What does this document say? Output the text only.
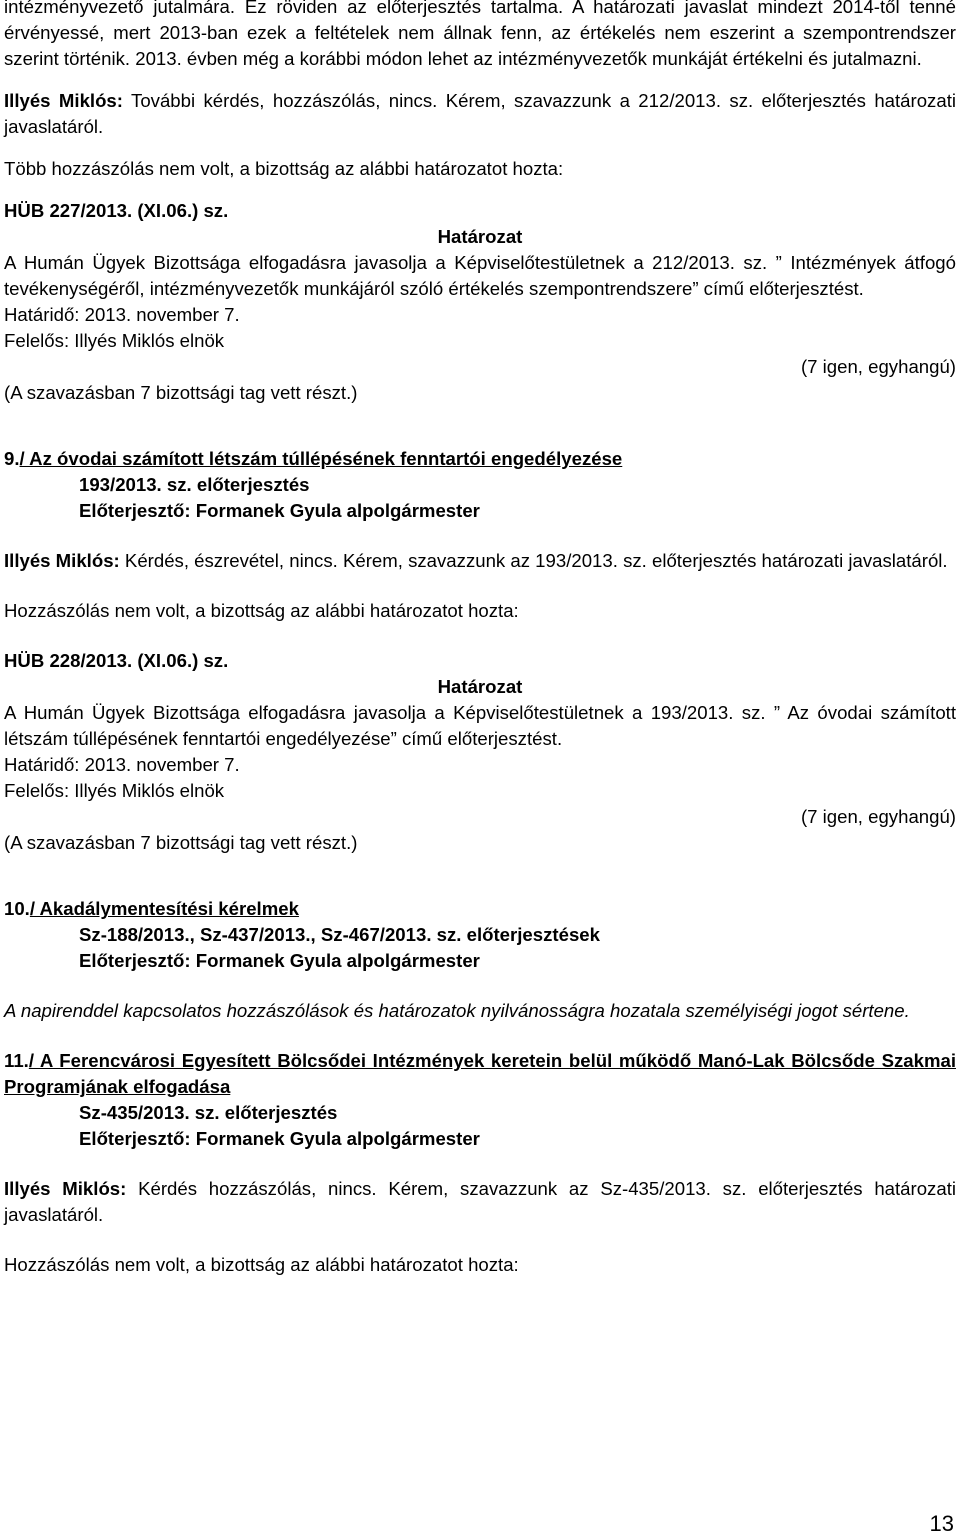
intézményvezető jutalmára. Ez röviden az előterjesztés tartalma. A határozati javaslat mindezt 2014-től tenné érvényessé, mert 2013-ban ezek a feltételek nem állnak fenn, az értékelés nem eszerint a szempontrendszer szerint történik. 2013. évben még a korábbi módon lehet az intézményvezetők munkáját értékelni és jutalmazni.

Illyés Miklós: További kérdés, hozzászólás, nincs. Kérem, szavazzunk a 212/2013. sz. előterjesztés határozati javaslatáról.

Több hozzászólás nem volt, a bizottság az alábbi határozatot hozta:

HÜB 227/2013. (XI.06.) sz.

Határozat

A Humán Ügyek Bizottsága elfogadásra javasolja a Képviselőtestületnek a 212/2013. sz. ” Intézmények átfogó tevékenységéről, intézményvezetők munkájáról szóló értékelés szempontrendszere” című előterjesztést.

Határidő: 2013. november 7.

Felelős: Illyés Miklós elnök

(7 igen, egyhangú)

(A szavazásban 7 bizottsági tag vett részt.)

9./ Az óvodai számított létszám túllépésének fenntartói engedélyezése

193/2013. sz. előterjesztés

Előterjesztő: Formanek Gyula alpolgármester

Illyés Miklós: Kérdés, észrevétel, nincs. Kérem, szavazzunk az 193/2013. sz. előterjesztés határozati javaslatáról.

Hozzászólás nem volt, a bizottság az alábbi határozatot hozta:

HÜB 228/2013. (XI.06.) sz.

Határozat

A Humán Ügyek Bizottsága elfogadásra javasolja a Képviselőtestületnek a 193/2013. sz. ” Az óvodai számított létszám túllépésének fenntartói engedélyezése” című előterjesztést.

Határidő: 2013. november 7.

Felelős: Illyés Miklós elnök

(7 igen, egyhangú)

(A szavazásban 7 bizottsági tag vett részt.)

10./ Akadálymentesítési kérelmek

Sz-188/2013., Sz-437/2013., Sz-467/2013. sz. előterjesztések

Előterjesztő: Formanek Gyula alpolgármester

A napirenddel kapcsolatos hozzászólások és határozatok nyilvánosságra hozatala személyiségi jogot sértene.

11./ A Ferencvárosi Egyesített Bölcsődei Intézmények keretein belül működő Manó-Lak Bölcsőde Szakmai Programjának elfogadása

Sz-435/2013. sz. előterjesztés

Előterjesztő: Formanek Gyula alpolgármester

Illyés Miklós: Kérdés hozzászólás, nincs. Kérem, szavazzunk az Sz-435/2013. sz. előterjesztés határozati javaslatáról.

Hozzászólás nem volt, a bizottság az alábbi határozatot hozta:

13
